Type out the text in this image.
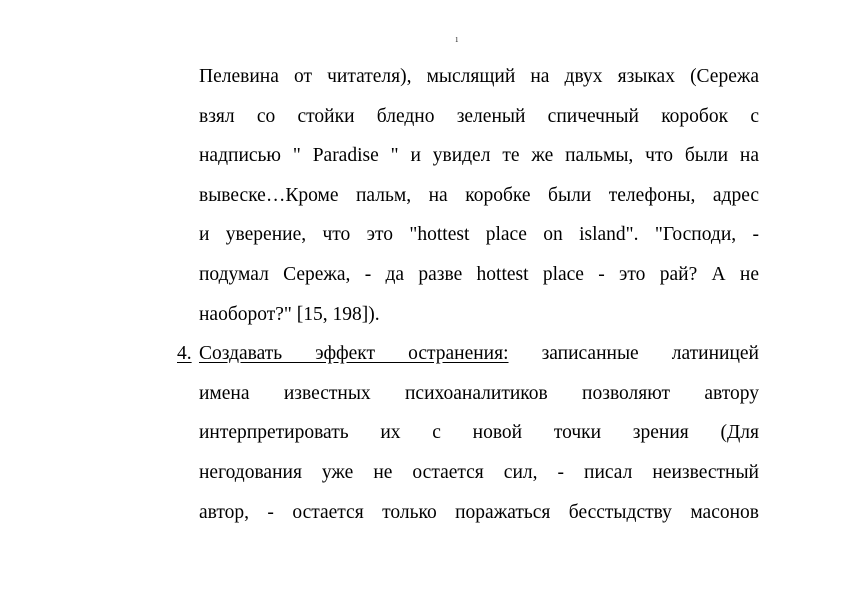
1
Пелевина от читателя), мыслящий на двух языках (Сережа
взял со стойки бледно зеленый спичечный коробок с
надписью " Paradise " и увидел те же пальмы, что были на
вывеске…Кроме пальм, на коробке были телефоны, адрес
и уверение, что это "hottest place on island". "Господи, -
подумал Сережа, - да разве hottest place - это рай? А не
наоборот?" [15, 198]).
4. Создавать эффект остранения: записанные латиницей
имена известных психоаналитиков позволяют автору
интерпретировать их с новой точки зрения (Для
негодования уже не остается сил, - писал неизвестный
автор, - остается только поражаться бесстыдству масонов
